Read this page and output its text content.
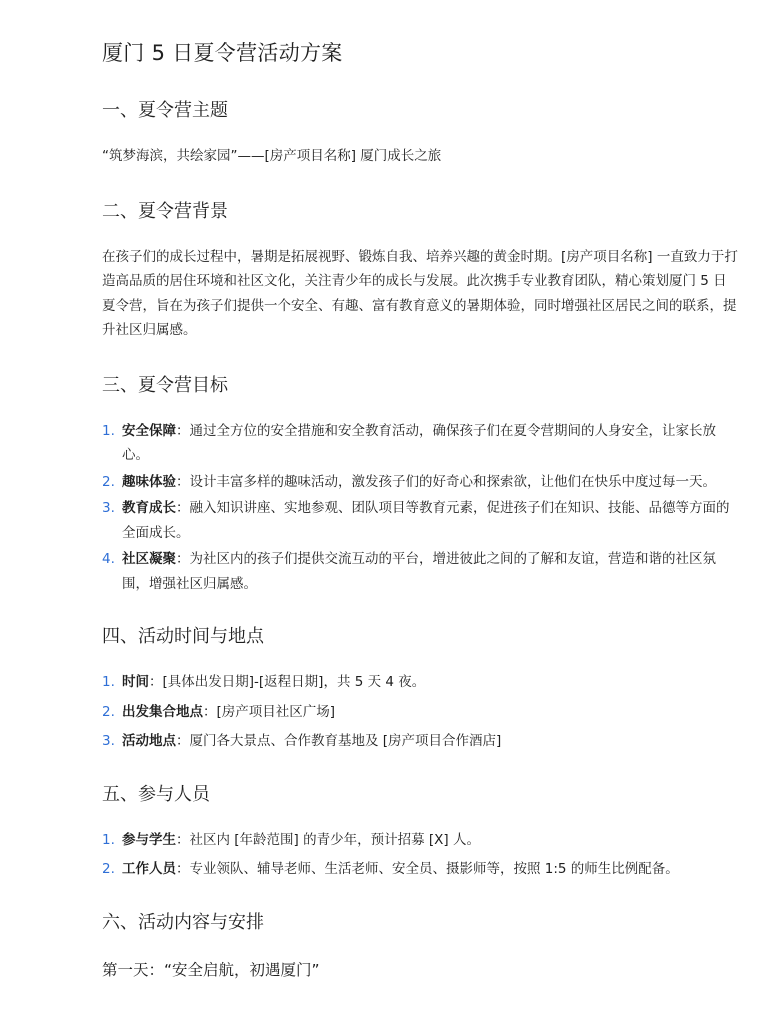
厦门 5 日夏令营活动方案
一、夏令营主题

“筑梦海滨，共绘家园”——[房产项目名称] 厦门成长之旅

二、夏令营背景

在孩子们的成长过程中，暑期是拓展视野、锻炼自我、培养兴趣的黄金时期。[房产项目名称] 一直致力于打造高品质的居住环境和社区文化，关注青少年的成长与发展。此次携手专业教育团队，精心策划厦门 5 日夏令营，旨在为孩子们提供一个安全、有趣、富有教育意义的暑期体验，同时增强社区居民之间的联系，提升社区归属感。

三、夏令营目标
1. 安全保障：通过全方位的安全措施和安全教育活动，确保孩子们在夏令营期间的人身安全，让家长放心。
2. 趣味体验：设计丰富多样的趣味活动，激发孩子们的好奇心和探索欲，让他们在快乐中度过每一天。
3. 教育成长：融入知识讲座、实地参观、团队项目等教育元素，促进孩子们在知识、技能、品德等方面的全面成长。
4. 社区凝聚：为社区内的孩子们提供交流互动的平台，增进彼此之间的了解和友谊，营造和谐的社区氛围，增强社区归属感。
四、活动时间与地点
1. 时间：[具体出发日期]-[返程日期]，共 5 天 4 夜。
2. 出发集合地点：[房产项目社区广场]
3. 活动地点：厦门各大景点、合作教育基地及 [房产项目合作酒店]
五、参与人员
1. 参与学生：社区内 [年龄范围] 的青少年，预计招募 [X] 人。
2. 工作人员：专业领队、辅导老师、生活老师、安全员、摄影师等，按照 1:5 的师生比例配备。
六、活动内容与安排

第一天：“安全启航，初遇厦门”
